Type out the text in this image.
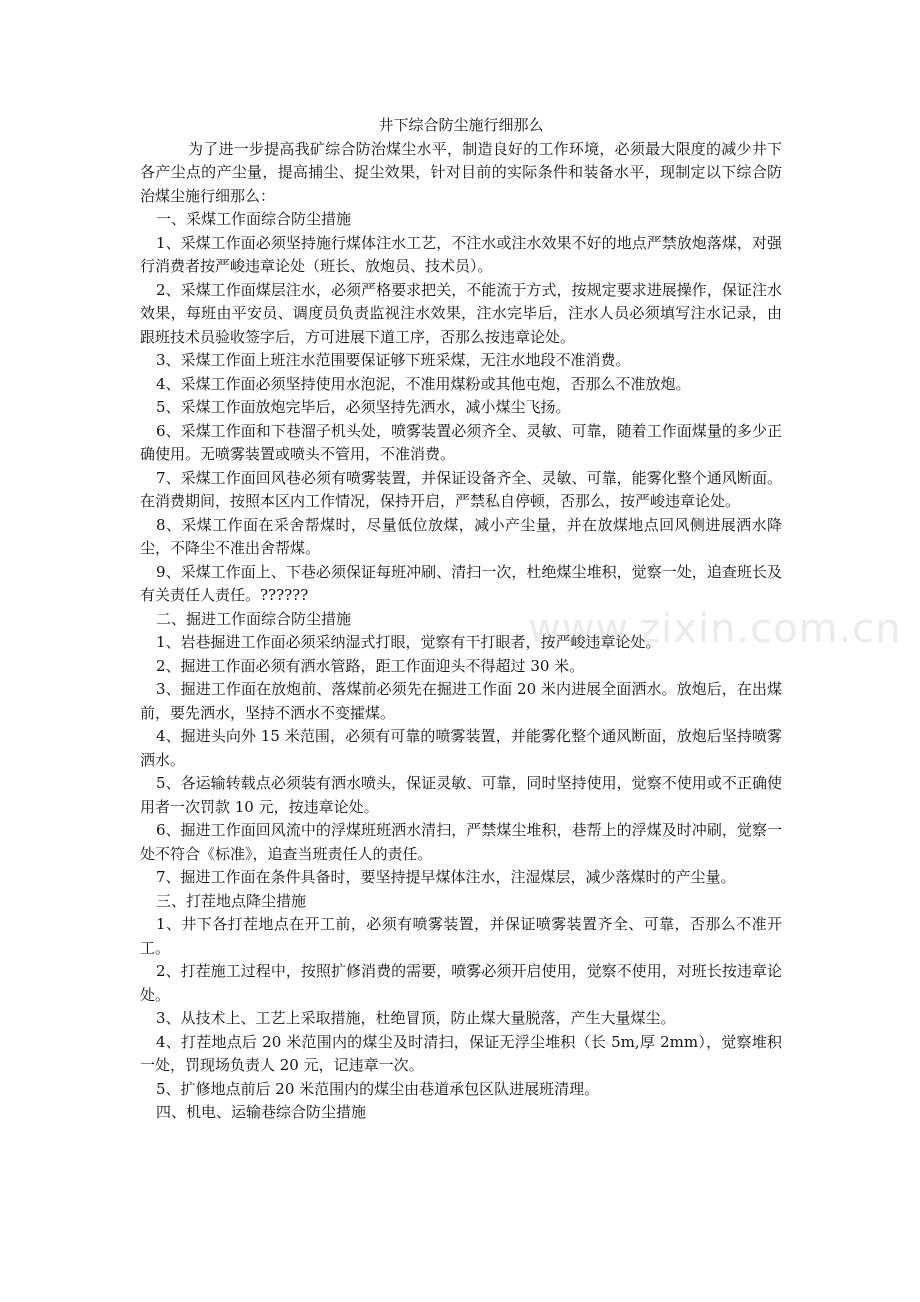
www.zixin.com.cn

井下综合防尘施行细那么

为了进一步提高我矿综合防治煤尘水平，制造良好的工作环境，必须最大限度的减少井下各产尘点的产尘量，提高捕尘、捉尘效果，针对目前的实际条件和装备水平，现制定以下综合防治煤尘施行细那么：

一、采煤工作面综合防尘措施

1、采煤工作面必须坚持施行煤体注水工艺，不注水或注水效果不好的地点严禁放炮落煤，对强行消费者按严峻违章论处（班长、放炮员、技术员）。

2、采煤工作面煤层注水，必须严格要求把关，不能流于方式，按规定要求进展操作，保证注水效果，每班由平安员、调度员负责监视注水效果，注水完毕后，注水人员必须填写注水记录，由跟班技术员验收签字后，方可进展下道工序，否那么按违章论处。

3、采煤工作面上班注水范围要保证够下班采煤，无注水地段不准消费。

4、采煤工作面必须坚持使用水泡泥，不准用煤粉或其他屯炮，否那么不准放炮。

5、采煤工作面放炮完毕后，必须坚持先洒水，减小煤尘飞扬。

6、采煤工作面和下巷溜子机头处，喷雾装置必须齐全、灵敏、可靠，随着工作面煤量的多少正确使用。无喷雾装置或喷头不管用，不准消费。

7、采煤工作面回风巷必须有喷雾装置，并保证设备齐全、灵敏、可靠，能雾化整个通风断面。在消费期间，按照本区内工作情况，保持开启，严禁私自停顿，否那么，按严峻违章论处。

8、采煤工作面在采舍帮煤时，尽量低位放煤，减小产尘量，并在放煤地点回风侧进展洒水降尘，不降尘不准出舍帮煤。

9、采煤工作面上、下巷必须保证每班冲刷、清扫一次，杜绝煤尘堆积，觉察一处，追查班长及有关责任人责任。??????

二、掘进工作面综合防尘措施

1、岩巷掘进工作面必须采纳湿式打眼，觉察有干打眼者，按严峻违章论处。

2、掘进工作面必须有洒水管路，距工作面迎头不得超过 30 米。

3、掘进工作面在放炮前、落煤前必须先在掘进工作面 20 米内进展全面洒水。放炮后，在出煤前，要先洒水，坚持不洒水不变攉煤。

4、掘进头向外 15 米范围，必须有可靠的喷雾装置，并能雾化整个通风断面，放炮后坚持喷雾洒水。

5、各运输转载点必须装有洒水喷头，保证灵敏、可靠，同时坚持使用，觉察不使用或不正确使用者一次罚款 10 元，按违章论处。

6、掘进工作面回风流中的浮煤班班洒水清扫，严禁煤尘堆积，巷帮上的浮煤及时冲刷，觉察一处不符合《标准》，追查当班责任人的责任。

7、掘进工作面在条件具备时，要坚持提早煤体注水，注湿煤层，减少落煤时的产尘量。

三、打茬地点降尘措施

1、井下各打茬地点在开工前，必须有喷雾装置，并保证喷雾装置齐全、可靠，否那么不准开工。

2、打茬施工过程中，按照扩修消费的需要，喷雾必须开启使用，觉察不使用，对班长按违章论处。

3、从技术上、工艺上采取措施，杜绝冒顶，防止煤大量脱落，产生大量煤尘。

4、打茬地点后 20 米范围内的煤尘及时清扫，保证无浮尘堆积（长 5m,厚 2mm），觉察堆积一处，罚现场负责人 20 元，记违章一次。

5、扩修地点前后 20 米范围内的煤尘由巷道承包区队进展班清理。

四、机电、运输巷综合防尘措施
